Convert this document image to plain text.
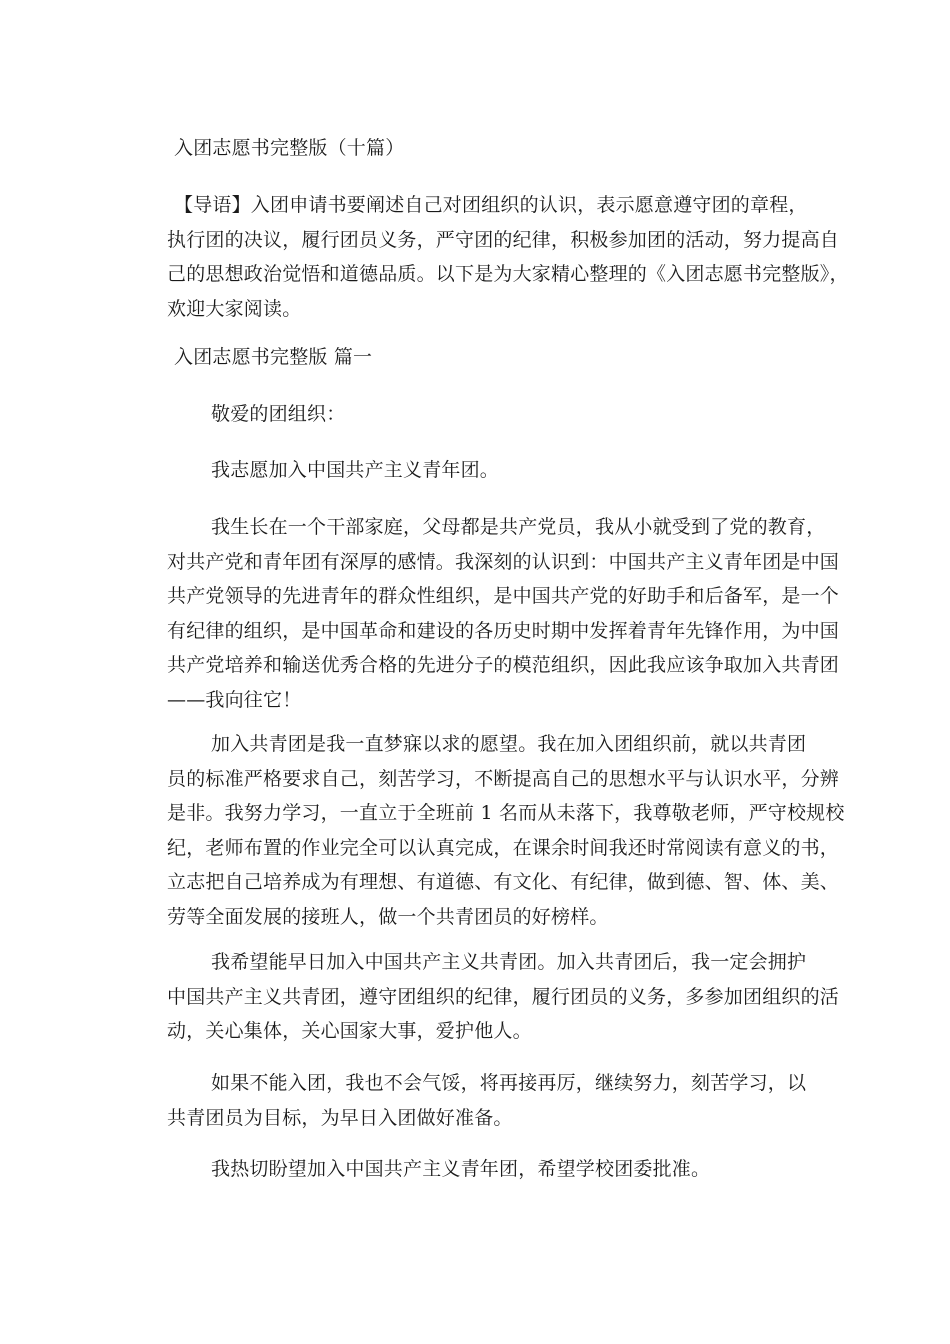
入团志愿书完整版（十篇）
【导语】入团申请书要阐述自己对团组织的认识，表示愿意遵守团的章程，
执行团的决议，履行团员义务，严守团的纪律，积极参加团的活动，努力提高自
己的思想政治觉悟和道德品质。以下是为大家精心整理的《入团志愿书完整版》，
欢迎大家阅读。
入团志愿书完整版 篇一
敬爱的团组织：
我志愿加入中国共产主义青年团。
我生长在一个干部家庭，父母都是共产党员，我从小就受到了党的教育，
对共产党和青年团有深厚的感情。我深刻的认识到：中国共产主义青年团是中国
共产党领导的先进青年的群众性组织，是中国共产党的好助手和后备军，是一个
有纪律的组织，是中国革命和建设的各历史时期中发挥着青年先锋作用，为中国
共产党培养和输送优秀合格的先进分子的模范组织，因此我应该争取加入共青团
——我向往它！
加入共青团是我一直梦寐以求的愿望。我在加入团组织前，就以共青团
员的标准严格要求自己，刻苦学习，不断提高自己的思想水平与认识水平，分辨
是非。我努力学习，一直立于全班前 1 名而从未落下，我尊敬老师，严守校规校
纪，老师布置的作业完全可以认真完成，在课余时间我还时常阅读有意义的书，
立志把自己培养成为有理想、有道德、有文化、有纪律，做到德、智、体、美、
劳等全面发展的接班人，做一个共青团员的好榜样。
我希望能早日加入中国共产主义共青团。加入共青团后，我一定会拥护
中国共产主义共青团，遵守团组织的纪律，履行团员的义务，多参加团组织的活
动，关心集体，关心国家大事，爱护他人。
如果不能入团，我也不会气馁，将再接再厉，继续努力，刻苦学习，以
共青团员为目标，为早日入团做好准备。
我热切盼望加入中国共产主义青年团，希望学校团委批准。
